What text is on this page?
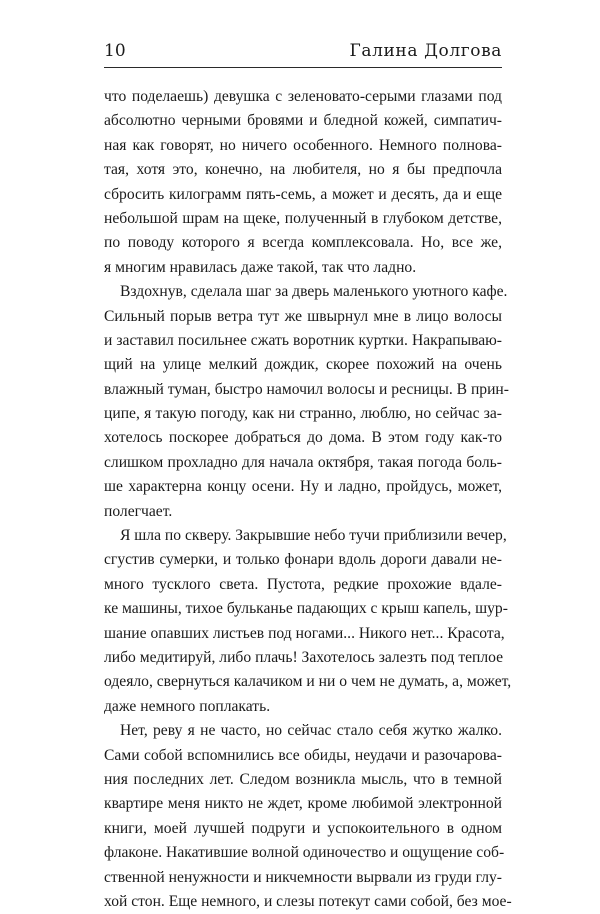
10	Галина Долгова
что поделаешь) девушка с зеленовато-серыми глазами под
абсолютно черными бровями и бледной кожей, симпатич-
ная как говорят, но ничего особенного. Немного полнова-
тая, хотя это, конечно, на любителя, но я бы предпочла
сбросить килограмм пять-семь, а может и десять, да и еще
небольшой шрам на щеке, полученный в глубоком детстве,
по поводу которого я всегда комплексовала. Но, все же,
я многим нравилась даже такой, так что ладно.
Вздохнув, сделала шаг за дверь маленького уютного кафе.
Сильный порыв ветра тут же швырнул мне в лицо волосы
и заставил посильнее сжать воротник куртки. Накрапываю-
щий на улице мелкий дождик, скорее похожий на очень
влажный туман, быстро намочил волосы и ресницы. В прин-
ципе, я такую погоду, как ни странно, люблю, но сейчас за-
хотелось поскорее добраться до дома. В этом году как-то
слишком прохладно для начала октября, такая погода боль-
ше характерна концу осени. Ну и ладно, пройдусь, может,
полегчает.
Я шла по скверу. Закрывшие небо тучи приблизили вечер,
сгустив сумерки, и только фонари вдоль дороги давали не-
много тусклого света. Пустота, редкие прохожие вдале-
ке машины, тихое бульканье падающих с крыш капель, шур-
шание опавших листьев под ногами... Никого нет... Красота,
либо медитируй, либо плачь! Захотелось залезть под теплое
одеяло, свернуться калачиком и ни о чем не думать, а, может,
даже немного поплакать.
Нет, реву я не часто, но сейчас стало себя жутко жалко.
Сами собой вспомнились все обиды, неудачи и разочарова-
ния последних лет. Следом возникла мысль, что в темной
квартире меня никто не ждет, кроме любимой электронной
книги, моей лучшей подруги и успокоительного в одном
флаконе. Накатившие волной одиночество и ощущение соб-
ственной ненужности и никчемности вырвали из груди глу-
хой стон. Еще немного, и слезы потекут сами собой, без мое-
